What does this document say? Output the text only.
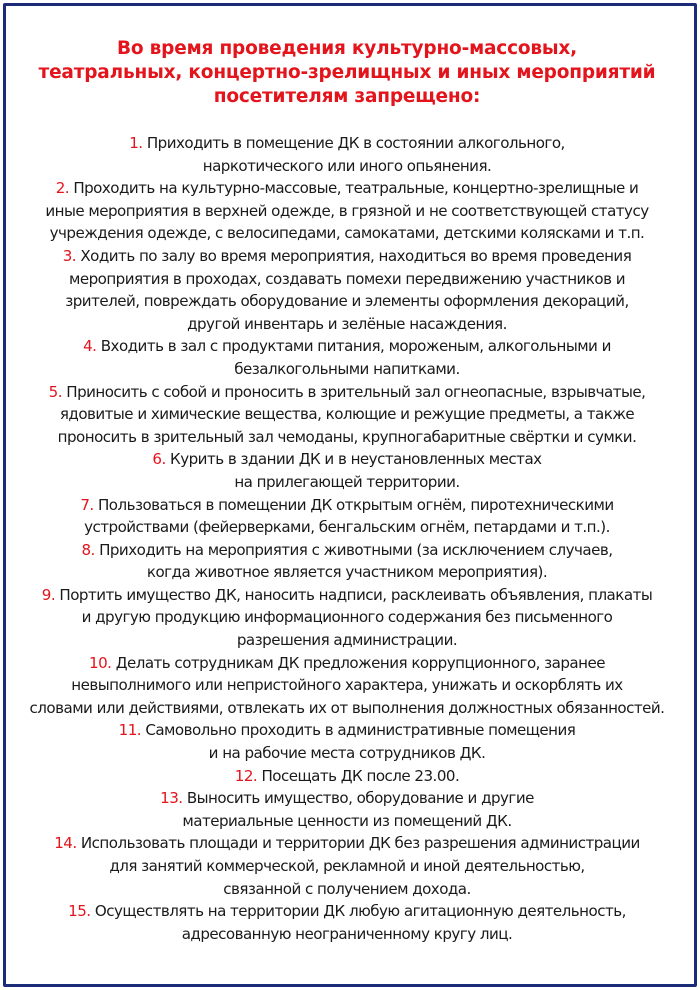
Во время проведения культурно-массовых,
театральных, концертно-зрелищных и иных мероприятий
посетителям запрещено:
1. Приходить в помещение ДК в состоянии алкогольного,
наркотического или иного опьянения.
2. Проходить на культурно-массовые, театральные, концертно-зрелищные и
иные мероприятия в верхней одежде, в грязной и не соответствующей статусу
учреждения одежде, с велосипедами, самокатами, детскими колясками и т.п.
3. Ходить по залу во время мероприятия, находиться во время проведения
мероприятия в проходах, создавать помехи передвижению участников и
зрителей, повреждать оборудование и элементы оформления декораций,
другой инвентарь и зелёные насаждения.
4. Входить в зал с продуктами питания, мороженым, алкогольными и
безалкогольными напитками.
5. Приносить с собой и проносить в зрительный зал огнеопасные, взрывчатые,
ядовитые и химические вещества, колющие и режущие предметы, а также
проносить в зрительный зал чемоданы, крупногабаритные свёртки и сумки.
6. Курить в здании ДК и в неустановленных местах
на прилегающей территории.
7. Пользоваться в помещении ДК открытым огнём, пиротехническими
устройствами (фейерверками, бенгальским огнём, петардами и т.п.).
8. Приходить на мероприятия с животными (за исключением случаев,
когда животное является участником мероприятия).
9. Портить имущество ДК, наносить надписи, расклеивать объявления, плакаты
и другую продукцию информационного содержания без письменного
разрешения администрации.
10. Делать сотрудникам ДК предложения коррупционного, заранее
невыполнимого или непристойного характера, унижать и оскорблять их
словами или действиями, отвлекать их от выполнения должностных обязанностей.
11. Самовольно проходить в административные помещения
и на рабочие места сотрудников ДК.
12. Посещать ДК после 23.00.
13. Выносить имущество, оборудование и другие
материальные ценности из помещений ДК.
14. Использовать площади и территории ДК без разрешения администрации
для занятий коммерческой, рекламной и иной деятельностью,
связанной с получением дохода.
15. Осуществлять на территории ДК любую агитационную деятельность,
адресованную неограниченному кругу лиц.
